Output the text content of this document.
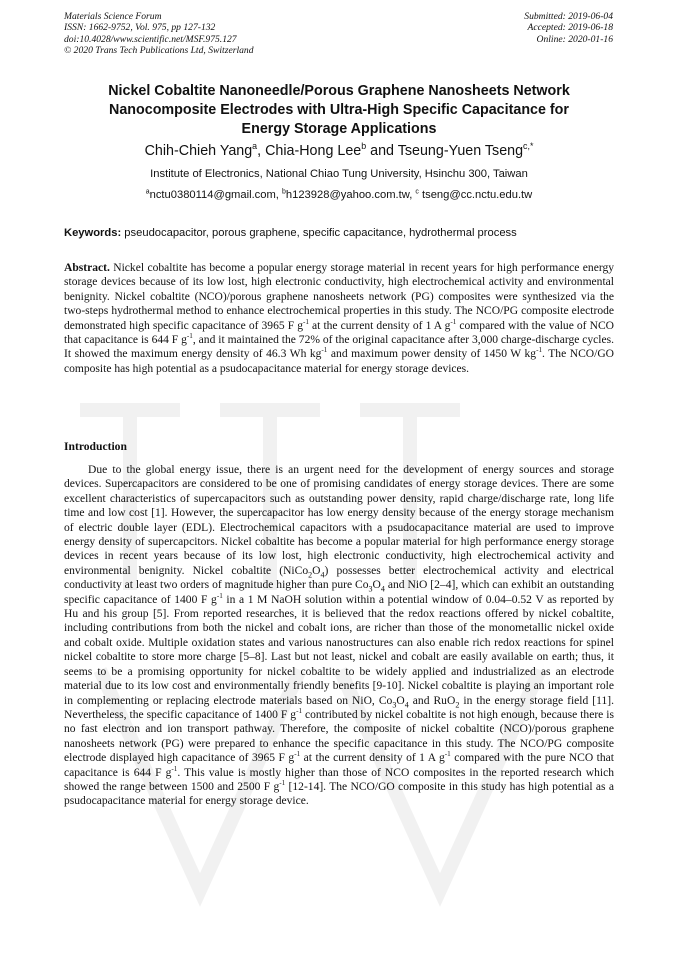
Materials Science Forum
ISSN: 1662-9752, Vol. 975, pp 127-132
doi:10.4028/www.scientific.net/MSF.975.127
© 2020 Trans Tech Publications Ltd, Switzerland
Submitted: 2019-06-04
Accepted: 2019-06-18
Online: 2020-01-16
Nickel Cobaltite Nanoneedle/Porous Graphene Nanosheets Network
Nanocomposite Electrodes with Ultra-High Specific Capacitance for
Energy Storage Applications
Chih-Chieh Yang$^a$, Chia-Hong Lee$^b$ and Tseung-Yuen Tseng$^{c,*}$
Institute of Electronics, National Chiao Tung University, Hsinchu 300, Taiwan
$^a$nctu0380114@gmail.com, $^b$h123928@yahoo.com.tw, $^c$ tseng@cc.nctu.edu.tw
Keywords: pseudocapacitor, porous graphene, specific capacitance, hydrothermal process
Abstract. Nickel cobaltite has become a popular energy storage material in recent years for high performance energy storage devices because of its low lost, high electronic conductivity, high electrochemical activity and environmental benignity. Nickel cobaltite (NCO)/porous graphene nanosheets network (PG) composites were synthesized via the two-steps hydrothermal method to enhance electrochemical properties in this study. The NCO/PG composite electrode demonstrated high specific capacitance of 3965 F $g^{-1}$ at the current density of 1 A $g^{-1}$ compared with the value of NCO that capacitance is 644 F $g^{-1}$, and it maintained the 72% of the original capacitance after 3,000 charge-discharge cycles. It showed the maximum energy density of 46.3 Wh $kg^{-1}$ and maximum power density of 1450 W $kg^{-1}$. The NCO/GO composite has high potential as a psudocapacitance material for energy storage devices.
Introduction
Due to the global energy issue, there is an urgent need for the development of energy sources and storage devices. Supercapacitors are considered to be one of promising candidates of energy storage devices. There are some excellent characteristics of supercapacitors such as outstanding power density, rapid charge/discharge rate, long life time and low cost [1]. However, the supercapacitor has low energy density because of the energy storage mechanism of electric double layer (EDL). Electrochemical capacitors with a psudocapacitance material are used to improve energy density of supercapcitors. Nickel cobaltite has become a popular material for high performance energy storage devices in recent years because of its low lost, high electronic conductivity, high electrochemical activity and environmental benignity. Nickel cobaltite $(NiCo_2O_4)$ possesses better electrochemical activity and electrical conductivity at least two orders of magnitude higher than pure $Co_3O_4$ and NiO [2–4], which can exhibit an outstanding specific capacitance of 1400 F $g^{-1}$ in a 1 M NaOH solution within a potential window of 0.04–0.52 V as reported by Hu and his group [5]. From reported researches, it is believed that the redox reactions offered by nickel cobaltite, including contributions from both the nickel and cobalt ions, are richer than those of the monometallic nickel oxide and cobalt oxide. Multiple oxidation states and various nanostructures can also enable rich redox reactions for spinel nickel cobaltite to store more charge [5–8]. Last but not least, nickel and cobalt are easily available on earth; thus, it seems to be a promising opportunity for nickel cobaltite to be widely applied and industrialized as an electrode material due to its low cost and environmentally friendly benefits [9-10]. Nickel cobaltite is playing an important role in complementing or replacing electrode materials based on NiO, $Co_3O_4$ and RuO$_2$ in the energy storage field [11]. Nevertheless, the specific capacitance of 1400 F $g^{-1}$ contributed by nickel cobaltite is not high enough, because there is no fast electron and ion transport pathway. Therefore, the composite of nickel cobaltite (NCO)/porous graphene nanosheets network (PG) were prepared to enhance the specific capacitance in this study. The NCO/PG composite electrode displayed high capacitance of 3965 F $g^{-1}$ at the current density of 1 A $g^{-1}$ compared with the pure NCO that capacitance is 644 F $g^{-1}$. This value is mostly higher than those of NCO composites in the reported research which showed the range between 1500 and 2500 F $g^{-1}$ [12-14]. The NCO/GO composite in this study has high potential as a psudocapacitance material for energy storage device.
